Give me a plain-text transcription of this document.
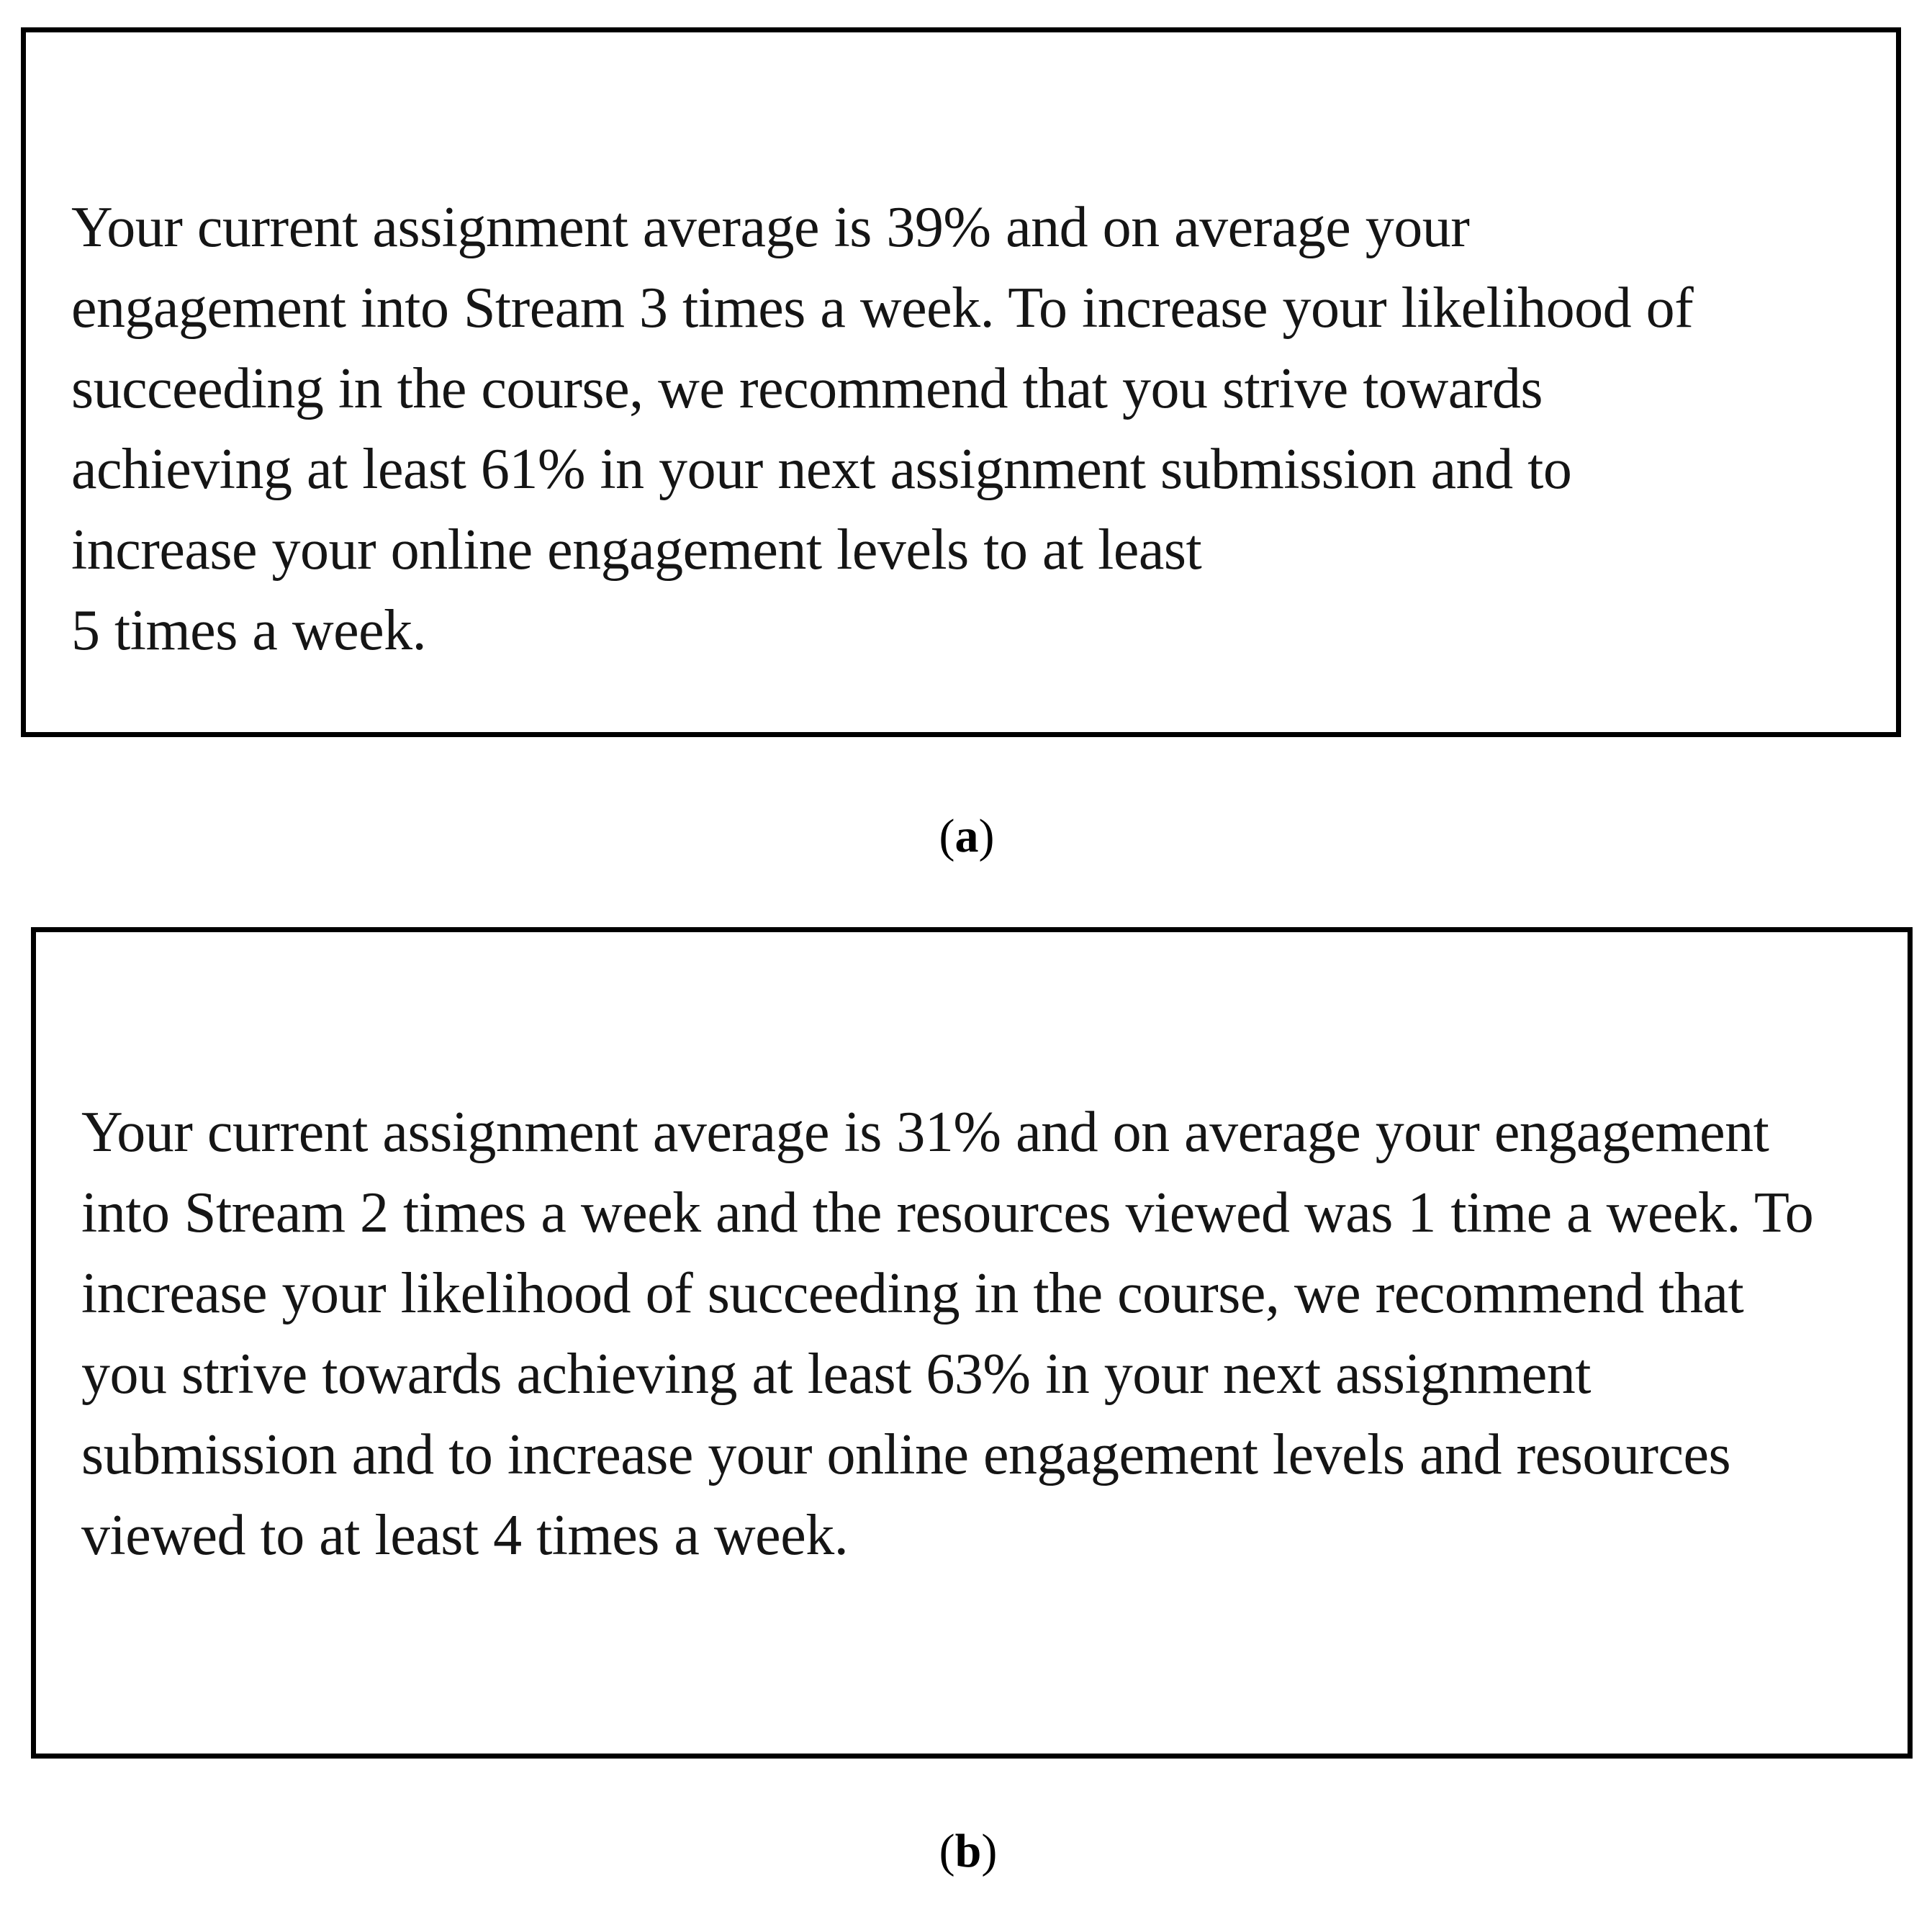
Your current assignment average is 39% and on average your
engagement into Stream 3 times a week. To increase your likelihood of
succeeding in the course, we recommend that you strive towards
achieving at least 61% in your next assignment submission and to
increase your online engagement levels to at least
5 times a week.

(a)

Your current assignment average is 31% and on average your engagement
into Stream 2 times a week and the resources viewed was 1 time a week. To
increase your likelihood of succeeding in the course, we recommend that
you strive towards achieving at least 63% in your next assignment
submission and to increase your online engagement levels and resources
viewed to at least 4 times a week.

(b)
